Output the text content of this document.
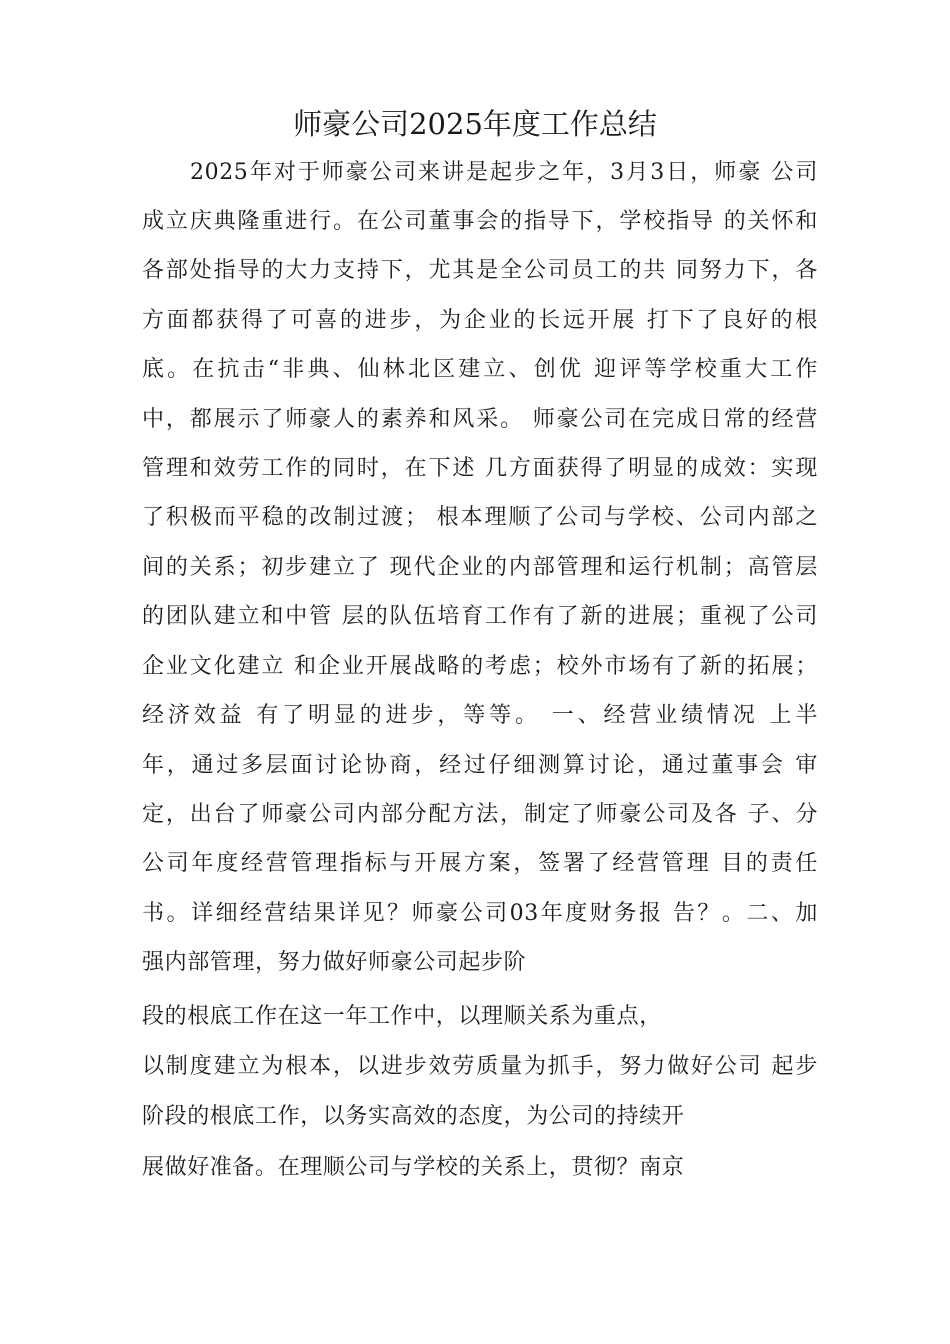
师豪公司2025年度工作总结
2025年对于师豪公司来讲是起步之年，3月3日，师豪 公司
成立庆典隆重进行。在公司董事会的指导下，学校指导 的关怀和
各部处指导的大力支持下，尤其是全公司员工的共 同努力下，各
方面都获得了可喜的进步，为企业的长远开展 打下了良好的根
底。在抗击“非典、仙林北区建立、创优 迎评等学校重大工作
中，都展示了师豪人的素养和风采。 师豪公司在完成日常的经营
管理和效劳工作的同时，在下述 几方面获得了明显的成效：实现
了积极而平稳的改制过渡； 根本理顺了公司与学校、公司内部之
间的关系；初步建立了 现代企业的内部管理和运行机制；高管层
的团队建立和中管 层的队伍培育工作有了新的进展；重视了公司
企业文化建立 和企业开展战略的考虑；校外市场有了新的拓展；
经济效益 有了明显的进步，等等。 一、经营业绩情况 上半
年，通过多层面讨论协商，经过仔细测算讨论，通过董事会 审
定，出台了师豪公司内部分配方法，制定了师豪公司及各 子、分
公司年度经营管理指标与开展方案，签署了经营管理 目的责任
书。详细经营结果详见？师豪公司03年度财务报 告？。二、加
强内部管理，努力做好师豪公司起步阶
段的根底工作在这一年工作中，以理顺关系为重点，
以制度建立为根本，以进步效劳质量为抓手，努力做好公司 起步
阶段的根底工作，以务实高效的态度，为公司的持续开
展做好准备。在理顺公司与学校的关系上，贯彻？南京
